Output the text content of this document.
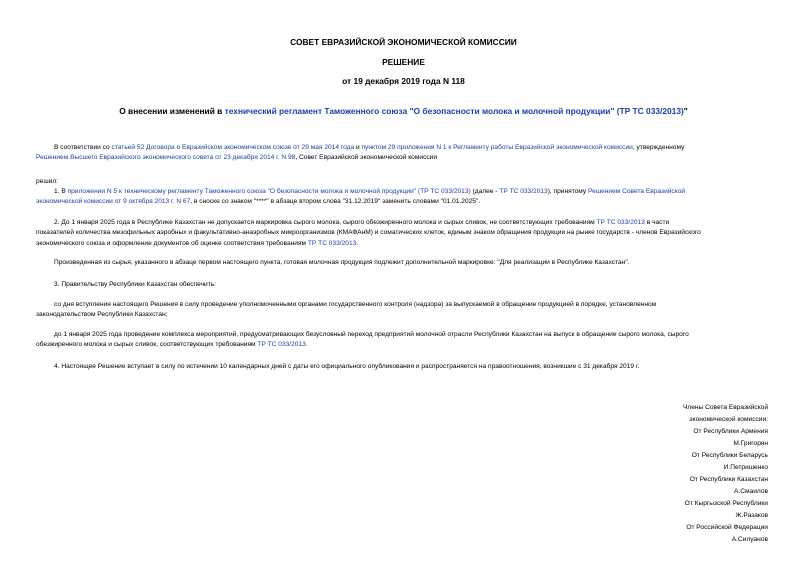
СОВЕТ ЕВРАЗИЙСКОЙ ЭКОНОМИЧЕСКОЙ КОМИССИИ
РЕШЕНИЕ
от 19 декабря 2019 года N 118
О внесении изменений в технический регламент Таможенного союза "О безопасности молока и молочной продукции" (ТР ТС 033/2013)"
В соответствии со статьей 52 Договора о Евразийском экономическом союзе от 29 мая 2014 года и пунктом 29 приложения N 1 к Регламенту работы Евразийской экономической комиссии, утвержденному
Решением Высшего Евразийского экономического совета от 23 декабря 2014 г. N 98, Совет Евразийской экономической комиссии
решил:
1. В приложении N 5 к техническому регламенту Таможенного союза "О безопасности молока и молочной продукции" (ТР ТС 033/2013) (далее - ТР ТС 033/2013), принятому Решением Совета Евразийской
экономической комиссии от 9 октября 2013 г. N 67, в сноске со знаком "****" в абзаце втором слова "31.12.2019" заменить словами "01.01.2025".
2. До 1 января 2025 года в Республике Казахстан не допускается маркировка сырого молока, сырого обезжиренного молока и сырых сливок, не соответствующих требованиям ТР ТС 033/2013 в части
показателей количества мезофильных аэробных и факультативно-анаэробных микроорганизмов (КМАФАнМ) и соматических клеток, единым знаком обращения продукции на рынке государств - членов Евразийского
экономического союза и оформление документов об оценке соответствия требованиям ТР ТС 033/2013.
Произведенная из сырья, указанного в абзаце первом настоящего пункта, готовая молочная продукция подлежит дополнительной маркировке: "Для реализации в Республике Казахстан".
3. Правительству Республики Казахстан обеспечить:
со дня вступления настоящего Решения в силу проведение уполномоченными органами государственного контроля (надзора) за выпускаемой в обращение продукцией в порядке, установленном
законодательством Республики Казахстан;
до 1 января 2025 года проведение комплекса мероприятий, предусматривающих безусловный переход предприятий молочной отрасли Республики Казахстан на выпуск в обращение сырого молока, сырого
обезжиренного молока и сырых сливок, соответствующих требованиям ТР ТС 033/2013.
4. Настоящее Решение вступает в силу по истечении 10 календарных дней с даты его официального опубликования и распространяется на правоотношения, возникшие с 31 декабря 2019 г.
Члены Совета Евразийской
экономической комиссии:
От Республики Армения
М.Григорян
От Республики Беларусь
И.Петришенко
От Республики Казахстан
А.Смаилов
От Кыргызской Республики
Ж.Разаков
От Российской Федерации
А.Силуанов
